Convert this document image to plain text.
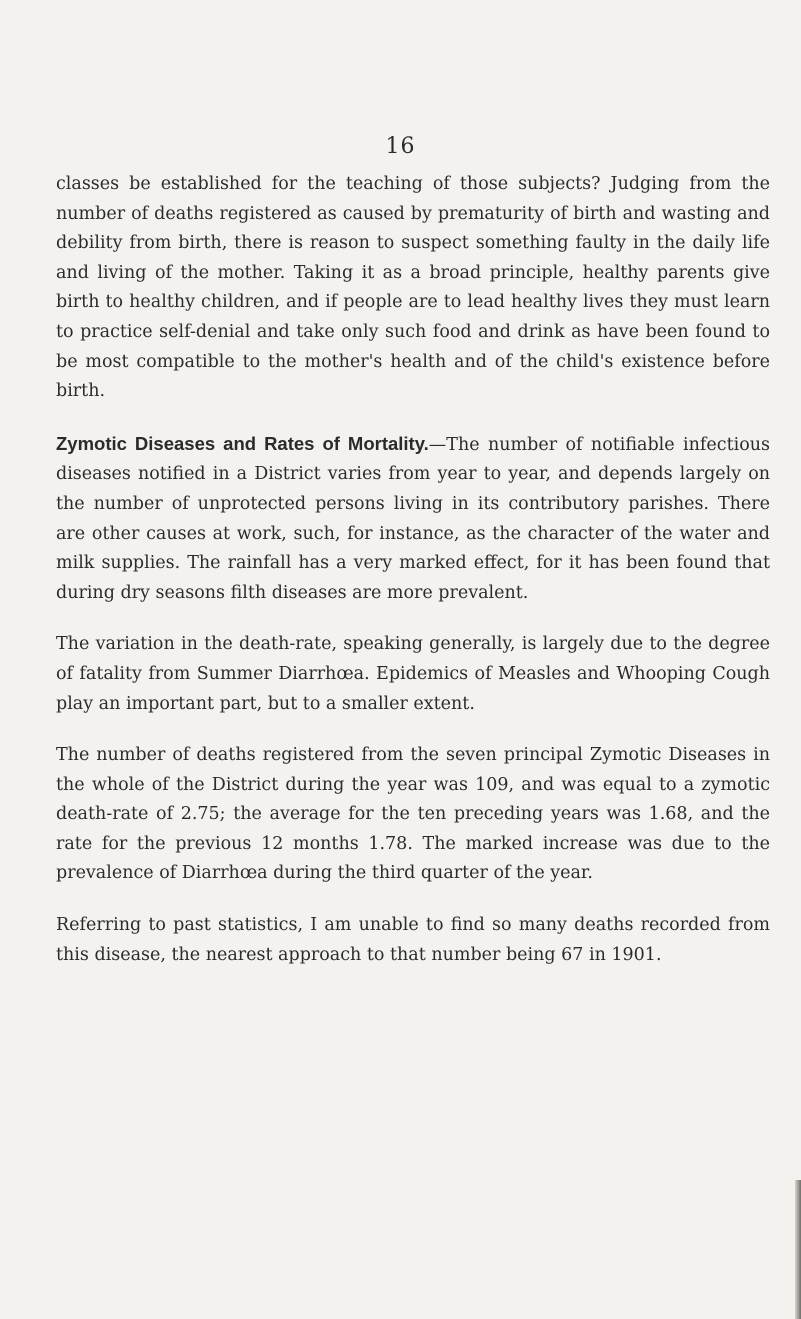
16

classes be established for the teaching of those subjects? Judging from the number of deaths registered as caused by prematurity of birth and wasting and debility from birth, there is reason to suspect something faulty in the daily life and living of the mother. Taking it as a broad principle, healthy parents give birth to healthy children, and if people are to lead healthy lives they must learn to practice self-denial and take only such food and drink as have been found to be most compatible to the mother's health and of the child's existence before birth.

Zymotic Diseases and Rates of Mortality.—The number of notifiable infectious diseases notified in a District varies from year to year, and depends largely on the number of unprotected persons living in its contributory parishes. There are other causes at work, such, for instance, as the character of the water and milk supplies. The rainfall has a very marked effect, for it has been found that during dry seasons filth diseases are more prevalent.

The variation in the death-rate, speaking generally, is largely due to the degree of fatality from Summer Diarrhœa. Epidemics of Measles and Whooping Cough play an important part, but to a smaller extent.

The number of deaths registered from the seven principal Zymotic Diseases in the whole of the District during the year was 109, and was equal to a zymotic death-rate of 2.75; the average for the ten preceding years was 1.68, and the rate for the previous 12 months 1.78. The marked increase was due to the prevalence of Diarrhœa during the third quarter of the year.

Referring to past statistics, I am unable to find so many deaths recorded from this disease, the nearest approach to that number being 67 in 1901.
